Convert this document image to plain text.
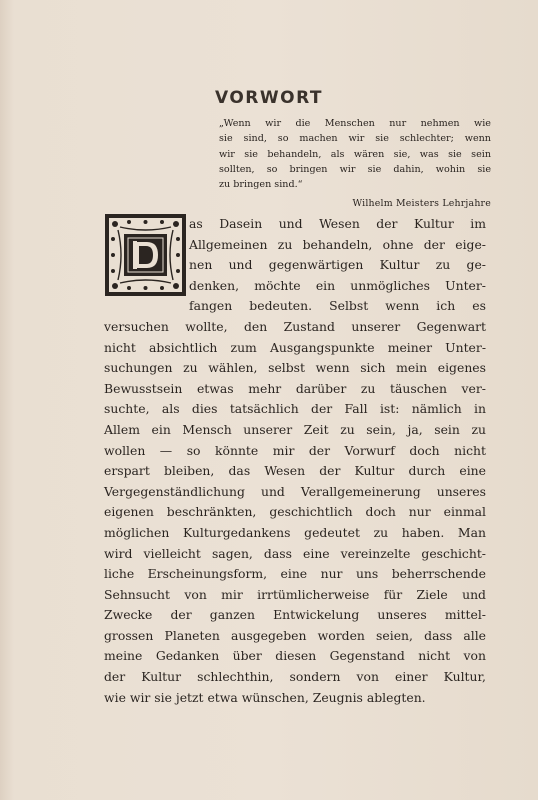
VORWORT
„Wenn wir die Menschen nur nehmen wie
sie sind, so machen wir sie schlechter; wenn
wir sie behandeln, als wären sie, was sie sein
sollten, so bringen wir sie dahin, wohin sie
zu bringen sind.“
Wilhelm Meisters Lehrjahre
as Dasein und Wesen der Kultur im
Allgemeinen zu behandeln, ohne der eige-
nen und gegenwärtigen Kultur zu ge-
denken, möchte ein unmögliches Unter-
fangen bedeuten. Selbst wenn ich es
versuchen wollte, den Zustand unserer Gegenwart
nicht absichtlich zum Ausgangspunkte meiner Unter-
suchungen zu wählen, selbst wenn sich mein eigenes
Bewusstsein etwas mehr darüber zu täuschen ver-
suchte, als dies tatsächlich der Fall ist: nämlich in
Allem ein Mensch unserer Zeit zu sein, ja, sein zu
wollen — so könnte mir der Vorwurf doch nicht
erspart bleiben, das Wesen der Kultur durch eine
Vergegenständlichung und Verallgemeinerung unseres
eigenen beschränkten, geschichtlich doch nur einmal
möglichen Kulturgedankens gedeutet zu haben. Man
wird vielleicht sagen, dass eine vereinzelte geschicht-
liche Erscheinungsform, eine nur uns beherrschende
Sehnsucht von mir irrtümlicherweise für Ziele und
Zwecke der ganzen Entwickelung unseres mittel-
grossen Planeten ausgegeben worden seien, dass alle
meine Gedanken über diesen Gegenstand nicht von
der Kultur schlechthin, sondern von einer Kultur,
wie wir sie jetzt etwa wünschen, Zeugnis ablegten.
